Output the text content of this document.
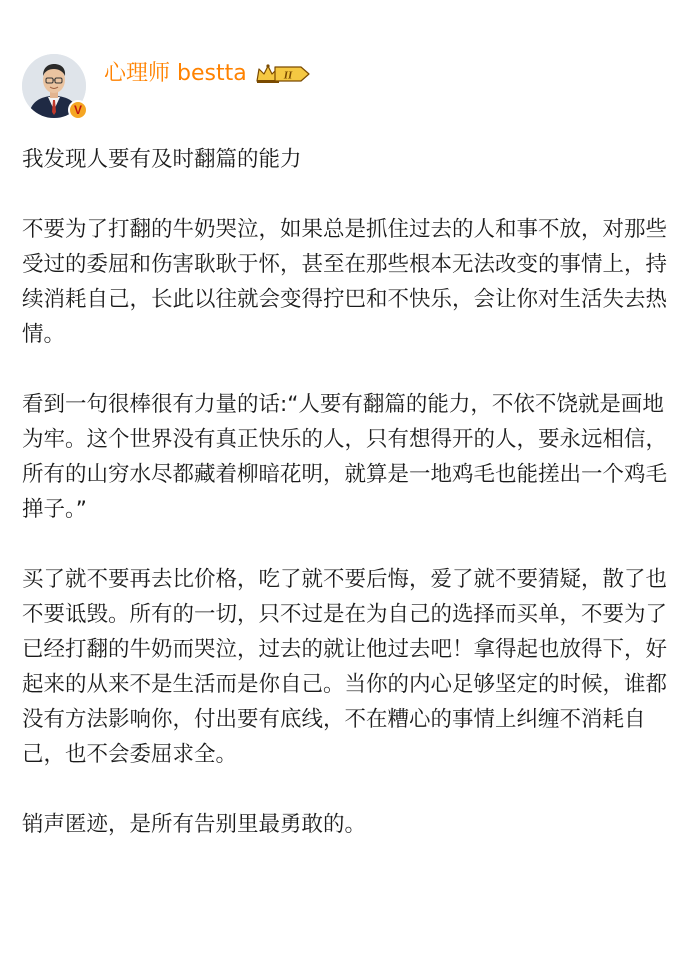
V
心理师 bestta	II

我发现人要有及时翻篇的能力

不要为了打翻的牛奶哭泣，如果总是抓住过去的人和事不放，对那些受过的委屈和伤害耿耿于怀，甚至在那些根本无法改变的事情上，持续消耗自己，长此以往就会变得拧巴和不快乐，会让你对生活失去热情。

看到一句很棒很有力量的话:“人要有翻篇的能力，不依不饶就是画地为牢。这个世界没有真正快乐的人，只有想得开的人，要永远相信，所有的山穷水尽都藏着柳暗花明，就算是一地鸡毛也能搓出一个鸡毛掸子。”

买了就不要再去比价格，吃了就不要后悔，爱了就不要猜疑，散了也不要诋毁。所有的一切，只不过是在为自己的选择而买单，不要为了已经打翻的牛奶而哭泣，过去的就让他过去吧！拿得起也放得下，好起来的从来不是生活而是你自己。当你的内心足够坚定的时候，谁都没有方法影响你，付出要有底线，不在糟心的事情上纠缠不消耗自己，也不会委屈求全。

销声匿迹，是所有告别里最勇敢的。
